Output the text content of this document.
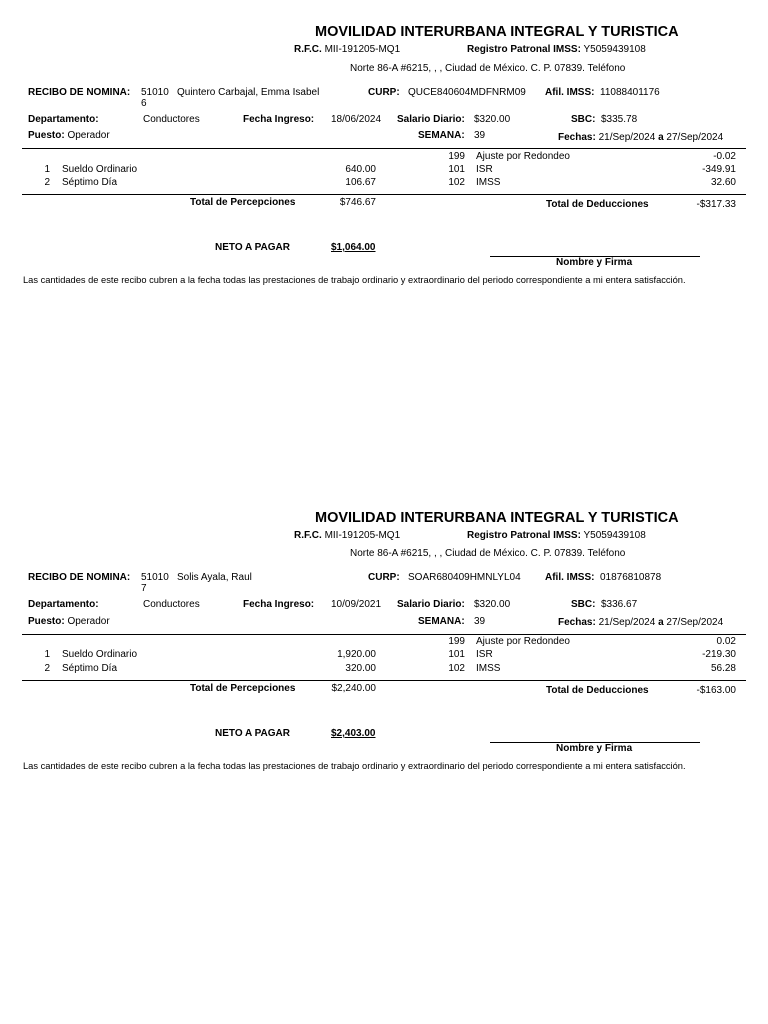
MOVILIDAD INTERURBANA INTEGRAL Y TURISTICA
R.F.C. MII-191205-MQ1	Registro Patronal IMSS: Y5059439108
Norte 86-A #6215, , , Ciudad de México. C. P. 07839. Teléfono
RECIBO DE NOMINA: 51010 Quintero Carbajal, Emma Isabel
6
CURP: QUCE840604MDFNRM09 Afil. IMSS: 11088401176
Departamento:	Conductores	Fecha Ingreso: 18/06/2024 Salario Diario: $320.00	SBC: $335.78
Puesto: Operador	SEMANA: 39	Fechas: 21/Sep/2024 a 27/Sep/2024
1 Sueldo Ordinario	640.00
2 Séptimo Día	106.67
199 Ajuste por Redondeo	-0.02
101 ISR	-349.91
102 IMSS	32.60
Total de Percepciones	$746.67	Total de Deducciones	-$317.33
NETO A PAGAR	$1,064.00
Nombre y Firma
Las cantidades de este recibo cubren a la fecha todas las prestaciones de trabajo ordinario y extraordinario del periodo correspondiente a mi entera satisfacción.
MOVILIDAD INTERURBANA INTEGRAL Y TURISTICA
R.F.C. MII-191205-MQ1	Registro Patronal IMSS: Y5059439108
Norte 86-A #6215, , , Ciudad de México. C. P. 07839. Teléfono
RECIBO DE NOMINA: 51010 Solis Ayala, Raul
7
CURP: SOAR680409HMNLYL04 Afil. IMSS: 01876810878
Departamento:	Conductores	Fecha Ingreso: 10/09/2021 Salario Diario: $320.00	SBC: $336.67
Puesto: Operador	SEMANA: 39	Fechas: 21/Sep/2024 a 27/Sep/2024
1 Sueldo Ordinario	1,920.00
2 Séptimo Día	320.00
199 Ajuste por Redondeo	0.02
101 ISR	-219.30
102 IMSS	56.28
Total de Percepciones	$2,240.00	Total de Deducciones	-$163.00
NETO A PAGAR	$2,403.00
Nombre y Firma
Las cantidades de este recibo cubren a la fecha todas las prestaciones de trabajo ordinario y extraordinario del periodo correspondiente a mi entera satisfacción.
